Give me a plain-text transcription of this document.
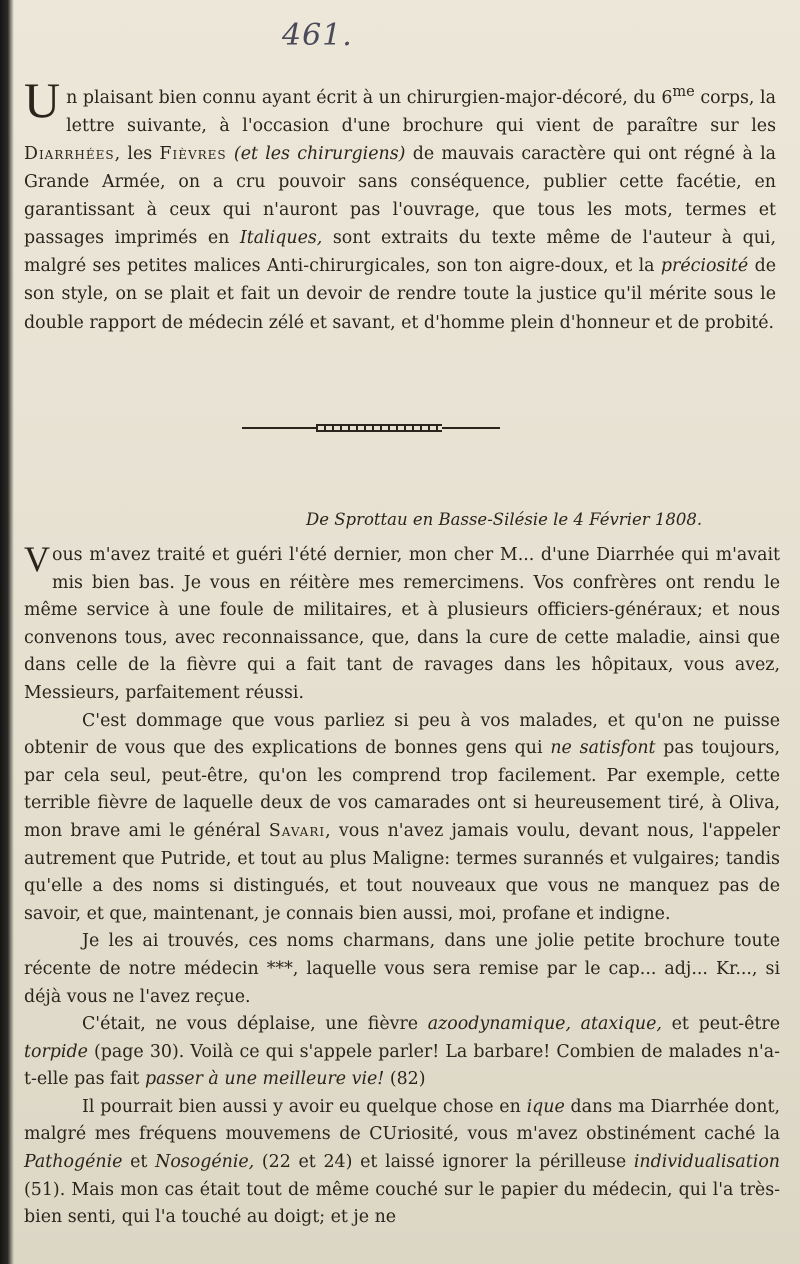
461.
Un plaisant bien connu ayant écrit à un chirurgien-major-décoré, du $6^{me}$ corps, la lettre suivante, à l'occasion d'une brochure qui vient de paraître sur les Diarrhées, les Fièvres (et les chirurgiens) de mauvais caractère qui ont régné à la Grande Armée, on a cru pouvoir sans conséquence, publier cette facétie, en garantissant à ceux qui n'auront pas l'ouvrage, que tous les mots, termes et passages imprimés en Italiques, sont extraits du texte même de l'auteur à qui, malgré ses petites malices Anti-chirurgicales, son ton aigre-doux, et la préciosité de son style, on se plait et fait un devoir de rendre toute la justice qu'il mérite sous le double rapport de médecin zélé et savant, et d'homme plein d'honneur et de probité.
De Sprottau en Basse-Silésie le 4 Février 1808.

Vous m'avez traité et guéri l'été dernier, mon cher M... d'une Diarrhée qui m'avait mis bien bas. Je vous en réitère mes remercimens. Vos confrères ont rendu le même service à une foule de militaires, et à plusieurs officiers-généraux; et nous convenons tous, avec reconnaissance, que, dans la cure de cette maladie, ainsi que dans celle de la fièvre qui a fait tant de ravages dans les hôpitaux, vous avez, Messieurs, parfaitement réussi.

C'est dommage que vous parliez si peu à vos malades, et qu'on ne puisse obtenir de vous que des explications de bonnes gens qui ne satisfont pas toujours, par cela seul, peut-être, qu'on les comprend trop facilement. Par exemple, cette terrible fièvre de laquelle deux de vos camarades ont si heureusement tiré, à Oliva, mon brave ami le général Savari, vous n'avez jamais voulu, devant nous, l'appeler autrement que Putride, et tout au plus Maligne: termes surannés et vulgaires; tandis qu'elle a des noms si distingués, et tout nouveaux que vous ne manquez pas de savoir, et que, maintenant, je connais bien aussi, moi, profane et indigne.

Je les ai trouvés, ces noms charmans, dans une jolie petite brochure toute récente de notre médecin ***, laquelle vous sera remise par le cap... adj... Kr..., si déjà vous ne l'avez reçue.

C'était, ne vous déplaise, une fièvre azoodynamique, ataxique, et peut-être torpide (page 30). Voilà ce qui s'appele parler! La barbare! Combien de malades n'a-t-elle pas fait passer à une meilleure vie! (82)

Il pourrait bien aussi y avoir eu quelque chose en ique dans ma Diarrhée dont, malgré mes fréquens mouvemens de CUriosité, vous m'avez obstinément caché la Pathogénie et Nosogénie, (22 et 24) et laissé ignorer la périlleuse individualisation (51). Mais mon cas était tout de même couché sur le papier du médecin, qui l'a très-bien senti, qui l'a touché au doigt; et je ne
